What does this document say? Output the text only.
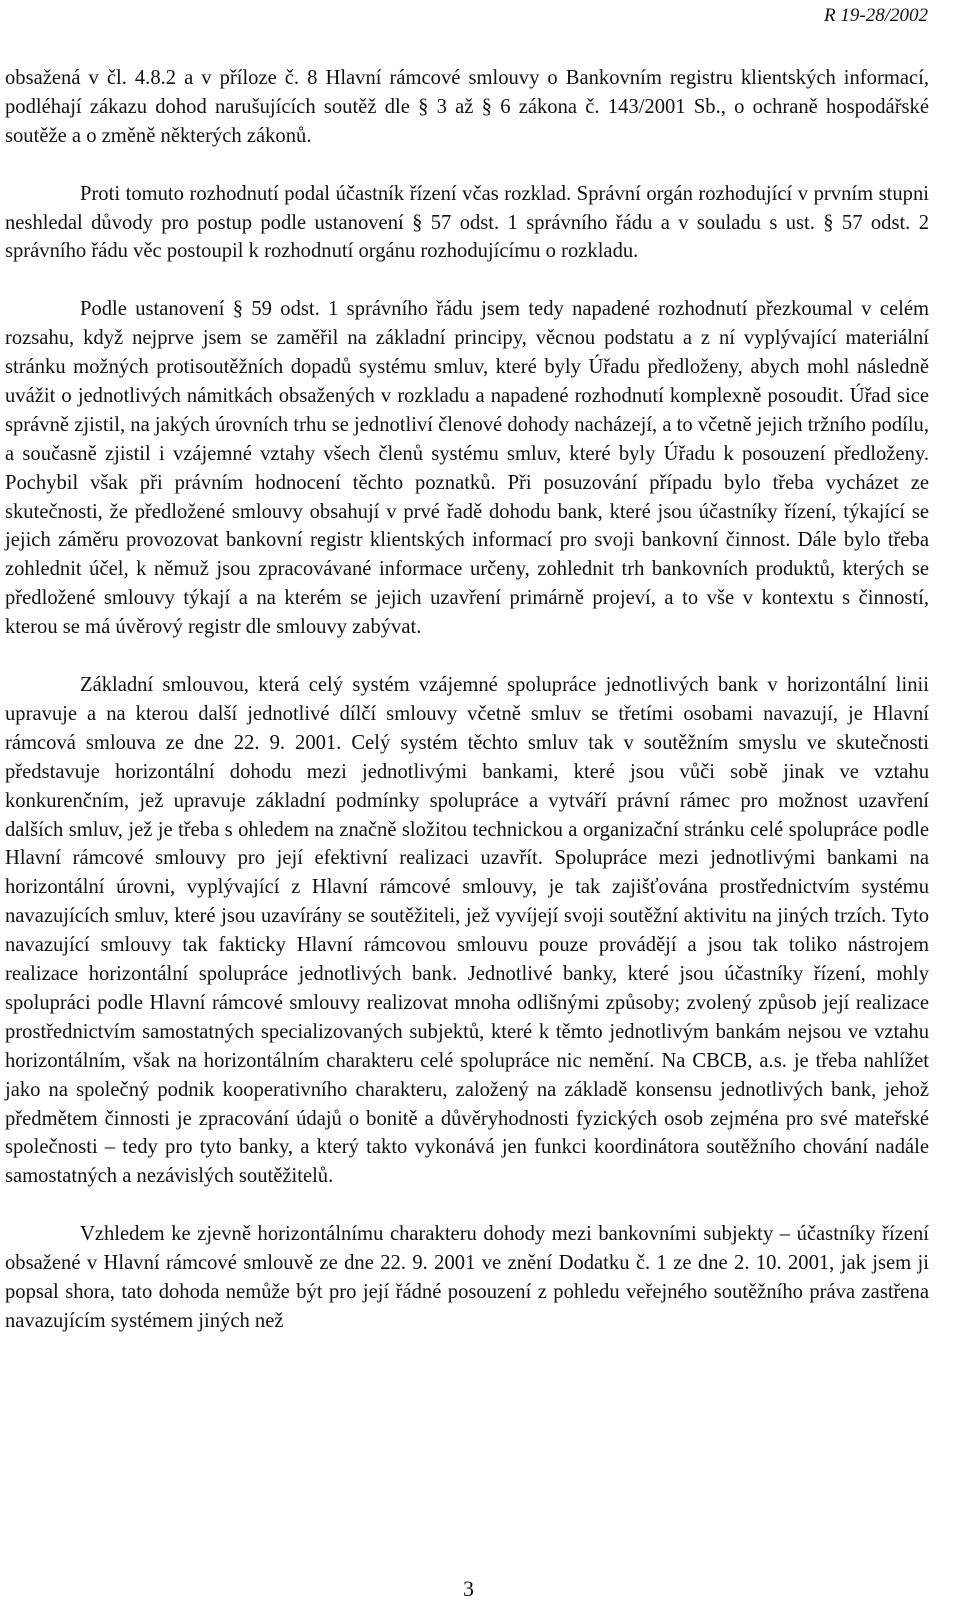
R 19-28/2002

obsažená v čl. 4.8.2 a v příloze č. 8 Hlavní rámcové smlouvy o Bankovním registru klientských informací, podléhají zákazu dohod narušujících soutěž dle § 3 až § 6 zákona č. 143/2001 Sb., o ochraně hospodářské soutěže a o změně některých zákonů.

Proti tomuto rozhodnutí podal účastník řízení včas rozklad. Správní orgán rozhodující v prvním stupni neshledal důvody pro postup podle ustanovení § 57 odst. 1 správního řádu a v souladu s ust. § 57 odst. 2 správního řádu věc postoupil k rozhodnutí orgánu rozhodujícímu o rozkladu.

Podle ustanovení § 59 odst. 1 správního řádu jsem tedy napadené rozhodnutí přezkoumal v celém rozsahu, když nejprve jsem se zaměřil na základní principy, věcnou podstatu a z ní vyplývající materiální stránku možných protisoutěžních dopadů systému smluv, které byly Úřadu předloženy, abych mohl následně uvážit o jednotlivých námitkách obsažených v rozkladu a napadené rozhodnutí komplexně posoudit. Úřad sice správně zjistil, na jakých úrovních trhu se jednotliví členové dohody nacházejí, a to včetně jejich tržního podílu, a současně zjistil i vzájemné vztahy všech členů systému smluv, které byly Úřadu k posouzení předloženy. Pochybil však při právním hodnocení těchto poznatků. Při posuzování případu bylo třeba vycházet ze skutečnosti, že předložené smlouvy obsahují v prvé řadě dohodu bank, které jsou účastníky řízení, týkající se jejich záměru provozovat bankovní registr klientských informací pro svoji bankovní činnost. Dále bylo třeba zohlednit účel, k němuž jsou zpracovávané informace určeny, zohlednit trh bankovních produktů, kterých se předložené smlouvy týkají a na kterém se jejich uzavření primárně projeví, a to vše v kontextu s činností, kterou se má úvěrový registr dle smlouvy zabývat.

Základní smlouvou, která celý systém vzájemné spolupráce jednotlivých bank v horizontální linii upravuje a na kterou další jednotlivé dílčí smlouvy včetně smluv se třetími osobami navazují, je Hlavní rámcová smlouva ze dne 22. 9. 2001. Celý systém těchto smluv tak v soutěžním smyslu ve skutečnosti představuje horizontální dohodu mezi jednotlivými bankami, které jsou vůči sobě jinak ve vztahu konkurenčním, jež upravuje základní podmínky spolupráce a vytváří právní rámec pro možnost uzavření dalších smluv, jež je třeba s ohledem na značně složitou technickou a organizační stránku celé spolupráce podle Hlavní rámcové smlouvy pro její efektivní realizaci uzavřít. Spolupráce mezi jednotlivými bankami na horizontální úrovni, vyplývající z Hlavní rámcové smlouvy, je tak zajišťována prostřednictvím systému navazujících smluv, které jsou uzavírány se soutěžiteli, jež vyvíjejí svoji soutěžní aktivitu na jiných trzích. Tyto navazující smlouvy tak fakticky Hlavní rámcovou smlouvu pouze provádějí a jsou tak toliko nástrojem realizace horizontální spolupráce jednotlivých bank. Jednotlivé banky, které jsou účastníky řízení, mohly spolupráci podle Hlavní rámcové smlouvy realizovat mnoha odlišnými způsoby; zvolený způsob její realizace prostřednictvím samostatných specializovaných subjektů, které k těmto jednotlivým bankám nejsou ve vztahu horizontálním, však na horizontálním charakteru celé spolupráce nic nemění. Na CBCB, a.s. je třeba nahlížet jako na společný podnik kooperativního charakteru, založený na základě konsensu jednotlivých bank, jehož předmětem činnosti je zpracování údajů o bonitě a důvěryhodnosti fyzických osob zejména pro své mateřské společnosti – tedy pro tyto banky, a který takto vykonává jen funkci koordinátora soutěžního chování nadále samostatných a nezávislých soutěžitelů.

Vzhledem ke zjevně horizontálnímu charakteru dohody mezi bankovními subjekty – účastníky řízení obsažené v Hlavní rámcové smlouvě ze dne 22. 9. 2001 ve znění Dodatku č. 1 ze dne 2. 10. 2001, jak jsem ji popsal shora, tato dohoda nemůže být pro její řádné posouzení z pohledu veřejného soutěžního práva zastřena navazujícím systémem jiných než

3
